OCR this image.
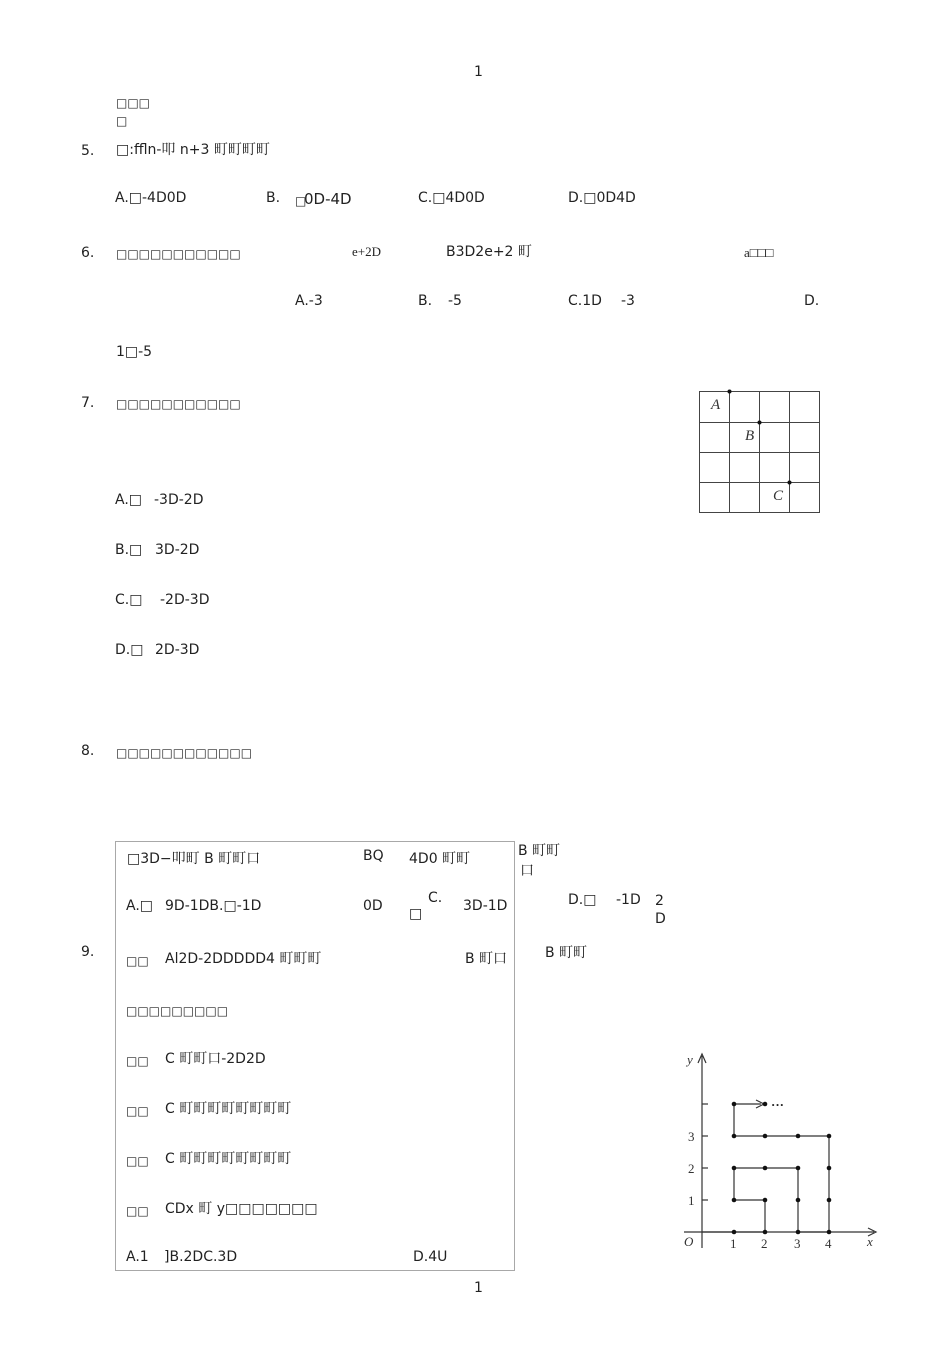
1
□□□
□
5. □:ffln-叩 n+3 町町町町
A.□-4D0D	B. □
0D-4D	C.□4D0D	D.□0D4D
6. □□□□□□□□□□□	e+2D	B3D2e+2 町	a□□□
A.-3	B. -5	C.1D -3	D.
1□-5
7. □□□□□□□□□□□
A.□ -3D-2D
B.□ 3D-2D
C.□ -2D-3D
D.□ 2D-3D
A
B
C
8. □□□□□□□□□□□□
□3D−叩町 B 町町口	BQ 4D0 町町	B 町町
口
A.□ 9D-1DB.□-1D	0D	C.
□	3D-1D	D.□ -1D 2
D
9.
□□ Al2D-2DDDDD4 町町町	B 町口	B 町町
□□□□□□□□□
□□ C 町町口-2D2D
□□ C 町町町町町町町町
□□ C 町町町町町町町町
□□ CDx 町 y□□□□□□□
A.1 ]B.2DC.3D	D.4U
···
O	x
y
1 2 3 4
1
2
3
1
